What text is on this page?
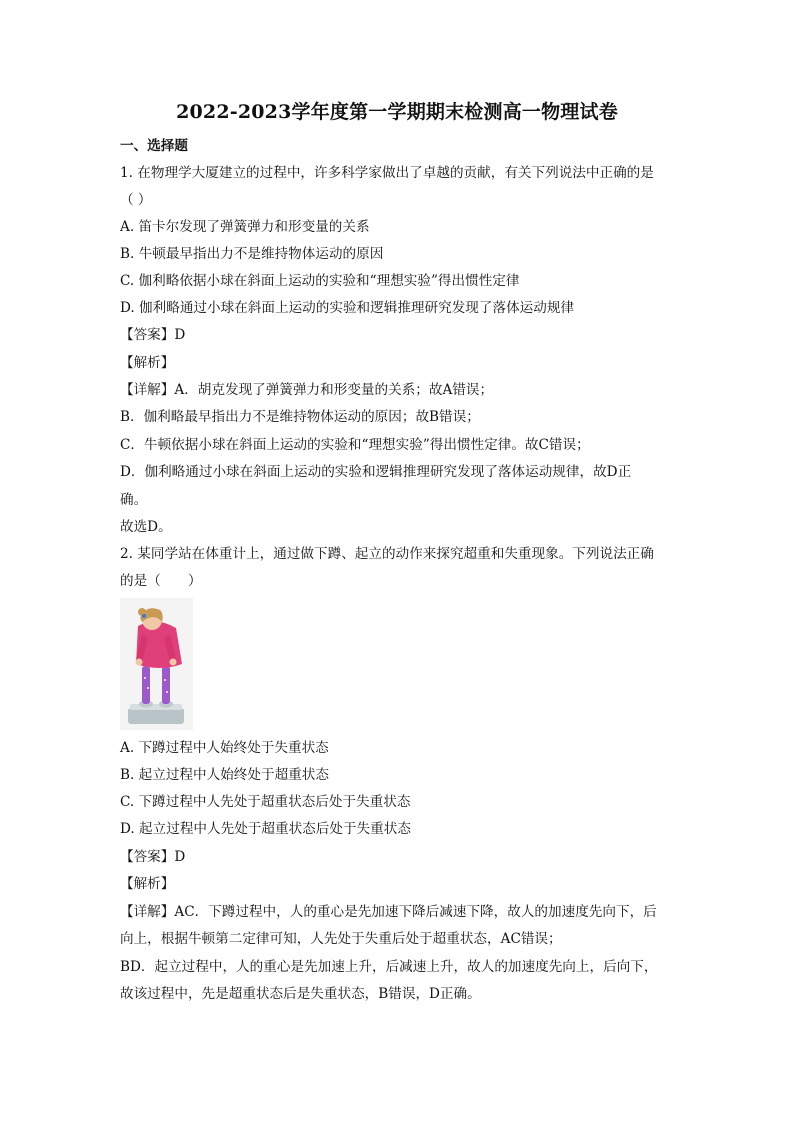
2022-2023学年度第一学期期末检测高一物理试卷
一、选择题
1. 在物理学大厦建立的过程中，许多科学家做出了卓越的贡献，有关下列说法中正确的是
（ ）
A. 笛卡尔发现了弹簧弹力和形变量的关系
B. 牛顿最早指出力不是维持物体运动的原因
C. 伽利略依据小球在斜面上运动的实验和“理想实验”得出惯性定律
D. 伽利略通过小球在斜面上运动的实验和逻辑推理研究发现了落体运动规律
【答案】D
【解析】
【详解】A．胡克发现了弹簧弹力和形变量的关系；故A错误；
B．伽利略最早指出力不是维持物体运动的原因；故B错误；
C．牛顿依据小球在斜面上运动的实验和“理想实验”得出惯性定律。故C错误；
D．伽利略通过小球在斜面上运动的实验和逻辑推理研究发现了落体运动规律，故D正
确。
故选D。
2. 某同学站在体重计上，通过做下蹲、起立的动作来探究超重和失重现象。下列说法正确
的是（　　）
A. 下蹲过程中人始终处于失重状态
B. 起立过程中人始终处于超重状态
C. 下蹲过程中人先处于超重状态后处于失重状态
D. 起立过程中人先处于超重状态后处于失重状态
【答案】D
【解析】
【详解】AC．下蹲过程中，人的重心是先加速下降后减速下降，故人的加速度先向下，后
向上，根据牛顿第二定律可知，人先处于失重后处于超重状态，AC错误；
BD．起立过程中，人的重心是先加速上升，后减速上升，故人的加速度先向上，后向下，
故该过程中，先是超重状态后是失重状态，B错误，D正确。
